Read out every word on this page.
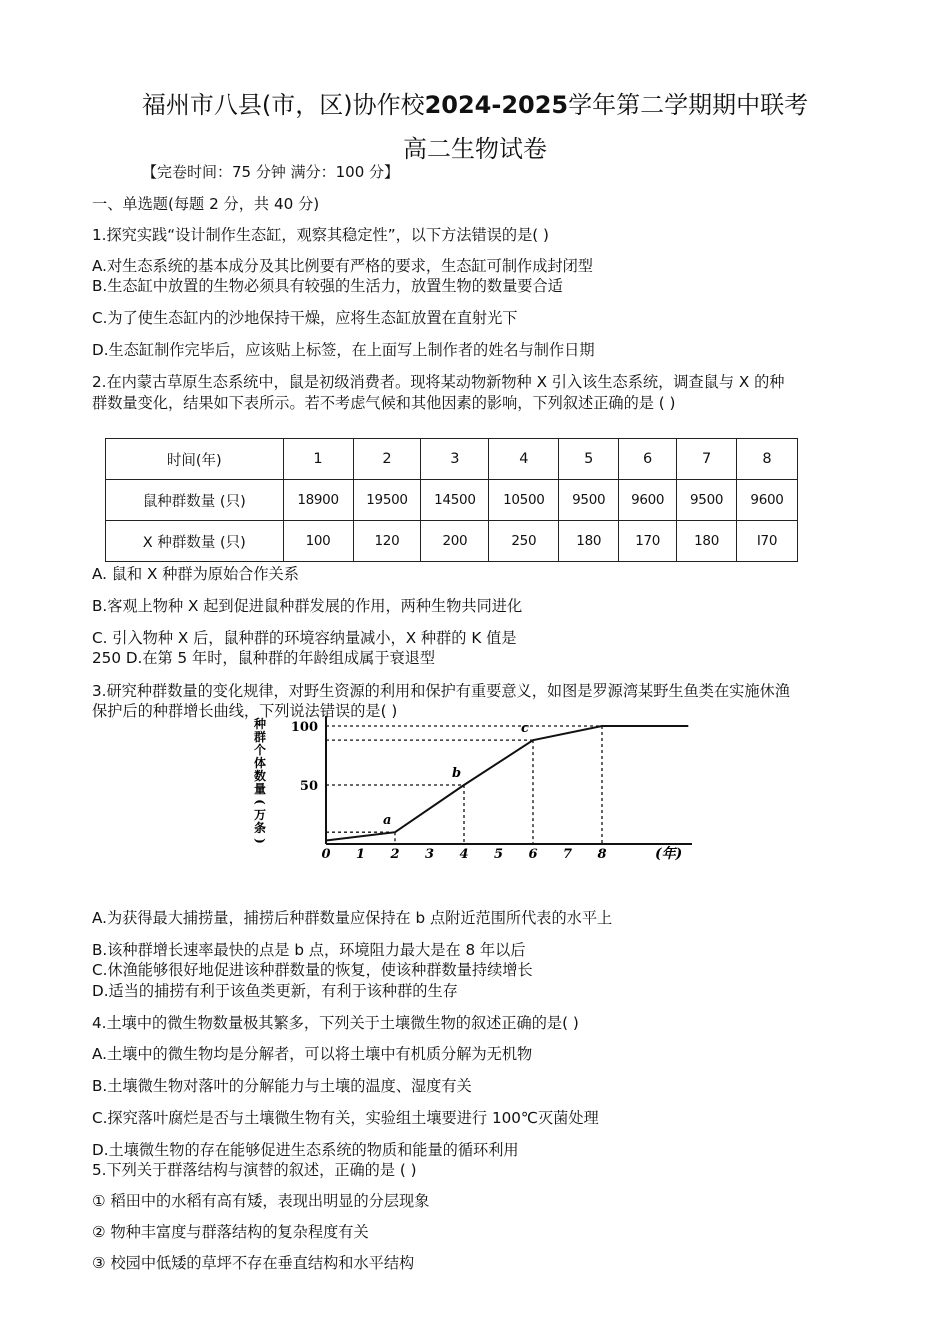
福州市八县(市，区)协作校2024-2025学年第二学期期中联考
高二生物试卷
【完卷时间：75 分钟 满分：100 分】
一、单选题(每题 2 分，共 40 分)
1.探究实践“设计制作生态缸，观察其稳定性”，以下方法错误的是( )
A.对生态系统的基本成分及其比例要有严格的要求，生态缸可制作成封闭型
B.生态缸中放置的生物必须具有较强的生活力，放置生物的数量要合适
C.为了使生态缸内的沙地保持干燥，应将生态缸放置在直射光下
D.生态缸制作完毕后，应该贴上标签，在上面写上制作者的姓名与制作日期
2.在内蒙古草原生态系统中，鼠是初级消费者。现将某动物新物种 X 引入该生态系统，调查鼠与 X 的种
群数量变化，结果如下表所示。若不考虑气候和其他因素的影响，下列叙述正确的是 ( )
时间(年)	1	2	3	4	5	6	7	8
鼠种群数量 (只)	18900	19500	14500	10500	9500	9600	9500	9600
X 种群数量 (只)	100	120	200	250	180	170	180	I70
A. 鼠和 X 种群为原始合作关系
B.客观上物种 X 起到促进鼠种群发展的作用，两种生物共同进化
C. 引入物种 X 后，鼠种群的环境容纳量减小，X 种群的 K 值是
250 D.在第 5 年时，鼠种群的年龄组成属于衰退型
3.研究种群数量的变化规律，对野生资源的利用和保护有重要意义，如图是罗源湾某野生鱼类在实施休渔
保护后的种群增长曲线，下列说法错误的是( )
种
群
个
体
数
量
(
万
条
)
a
b
c
0 1 2 3 4 5 6 7 8
50
100
(年)
A.为获得最大捕捞量，捕捞后种群数量应保持在 b 点附近范围所代表的水平上
B.该种群增长速率最快的点是 b 点，环境阻力最大是在 8 年以后
C.休渔能够很好地促进该种群数量的恢复，使该种群数量持续增长
D.适当的捕捞有利于该鱼类更新，有利于该种群的生存
4.土壤中的微生物数量极其繁多，下列关于土壤微生物的叙述正确的是( )
A.土壤中的微生物均是分解者，可以将土壤中有机质分解为无机物
B.土壤微生物对落叶的分解能力与土壤的温度、湿度有关
C.探究落叶腐烂是否与土壤微生物有关，实验组土壤要进行 100℃灭菌处理
D.土壤微生物的存在能够促进生态系统的物质和能量的循环利用
5.下列关于群落结构与演替的叙述，正确的是 ( )
① 稻田中的水稻有高有矮，表现出明显的分层现象
② 物种丰富度与群落结构的复杂程度有关
③ 校园中低矮的草坪不存在垂直结构和水平结构
